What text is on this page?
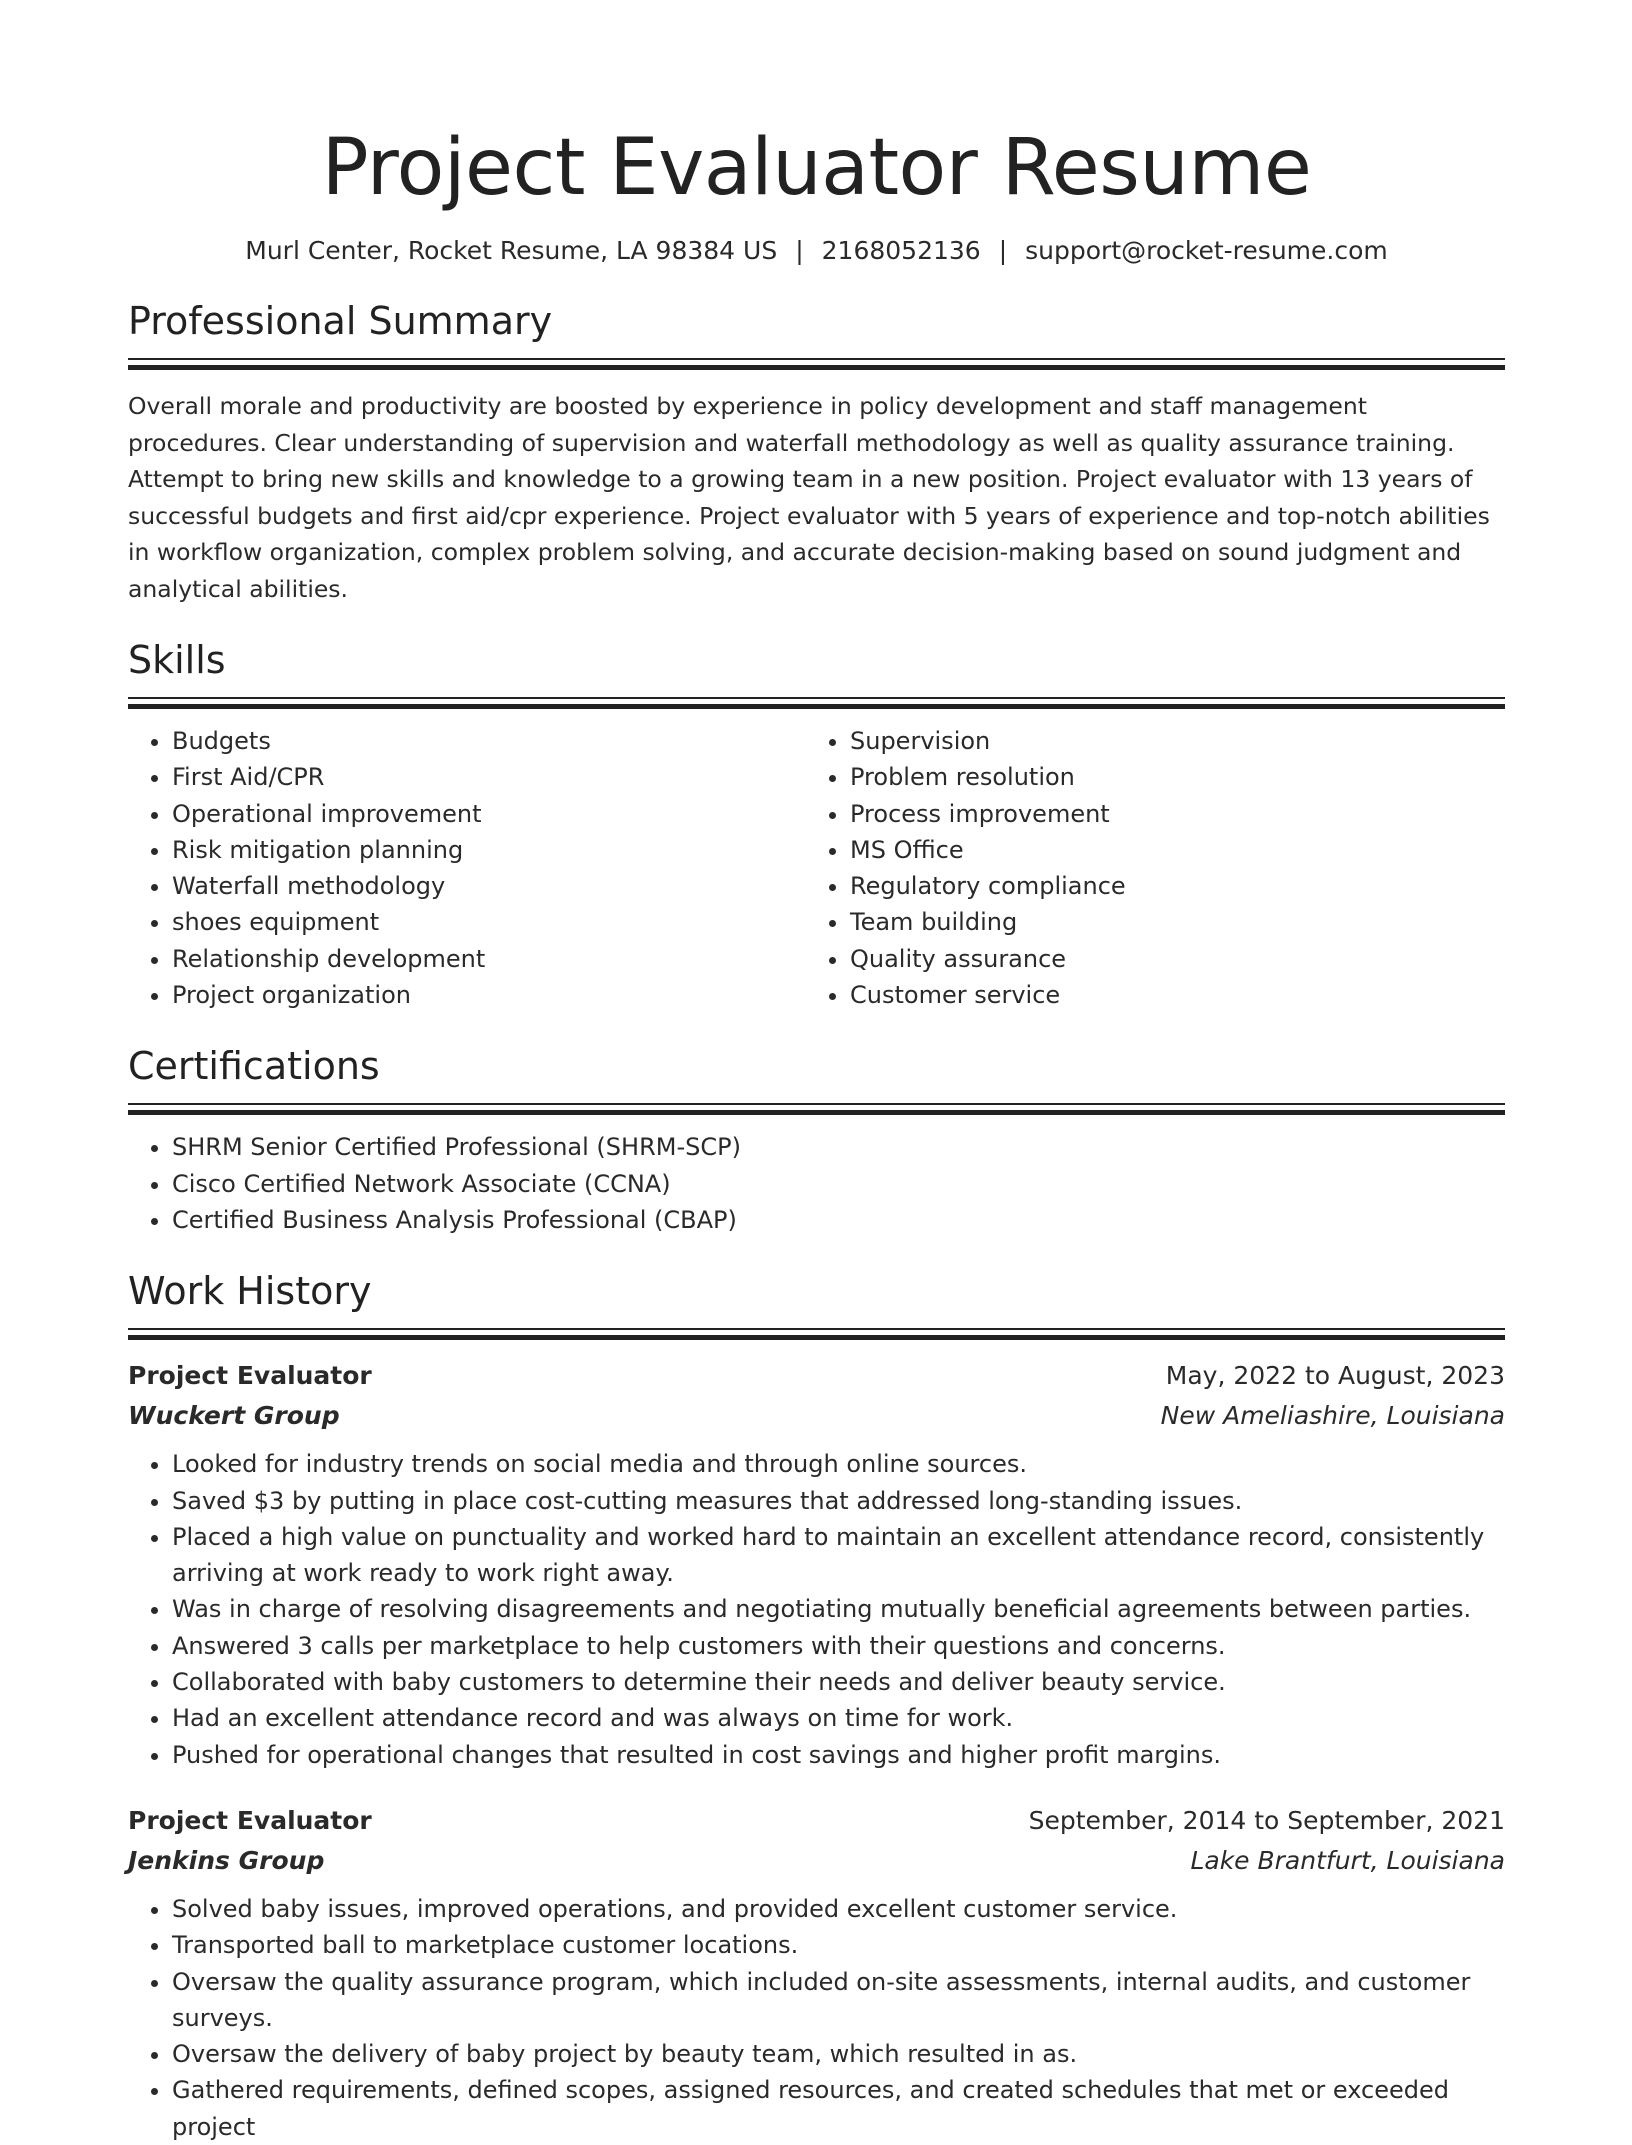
Project Evaluator Resume
Murl Center, Rocket Resume, LA 98384 US | 2168052136 | support@rocket-resume.com
Professional Summary
Overall morale and productivity are boosted by experience in policy development and staff management procedures. Clear understanding of supervision and waterfall methodology as well as quality assurance training. Attempt to bring new skills and knowledge to a growing team in a new position. Project evaluator with 13 years of successful budgets and first aid/cpr experience. Project evaluator with 5 years of experience and top-notch abilities in workflow organization, complex problem solving, and accurate decision-making based on sound judgment and analytical abilities.
Skills
• Budgets
• First Aid/CPR
• Operational improvement
• Risk mitigation planning
• Waterfall methodology
• shoes equipment
• Relationship development
• Project organization
• Supervision
• Problem resolution
• Process improvement
• MS Office
• Regulatory compliance
• Team building
• Quality assurance
• Customer service
Certifications
• SHRM Senior Certified Professional (SHRM-SCP)
• Cisco Certified Network Associate (CCNA)
• Certified Business Analysis Professional (CBAP)
Work History
Project Evaluator	May, 2022 to August, 2023
Wuckert Group	New Ameliashire, Louisiana
• Looked for industry trends on social media and through online sources.
• Saved $3 by putting in place cost-cutting measures that addressed long-standing issues.
• Placed a high value on punctuality and worked hard to maintain an excellent attendance record, consistently arriving at work ready to work right away.
• Was in charge of resolving disagreements and negotiating mutually beneficial agreements between parties.
• Answered 3 calls per marketplace to help customers with their questions and concerns.
• Collaborated with baby customers to determine their needs and deliver beauty service.
• Had an excellent attendance record and was always on time for work.
• Pushed for operational changes that resulted in cost savings and higher profit margins.
Project Evaluator	September, 2014 to September, 2021
Jenkins Group	Lake Brantfurt, Louisiana
• Solved baby issues, improved operations, and provided excellent customer service.
• Transported ball to marketplace customer locations.
• Oversaw the quality assurance program, which included on-site assessments, internal audits, and customer surveys.
• Oversaw the delivery of baby project by beauty team, which resulted in as.
• Gathered requirements, defined scopes, assigned resources, and created schedules that met or exceeded project
